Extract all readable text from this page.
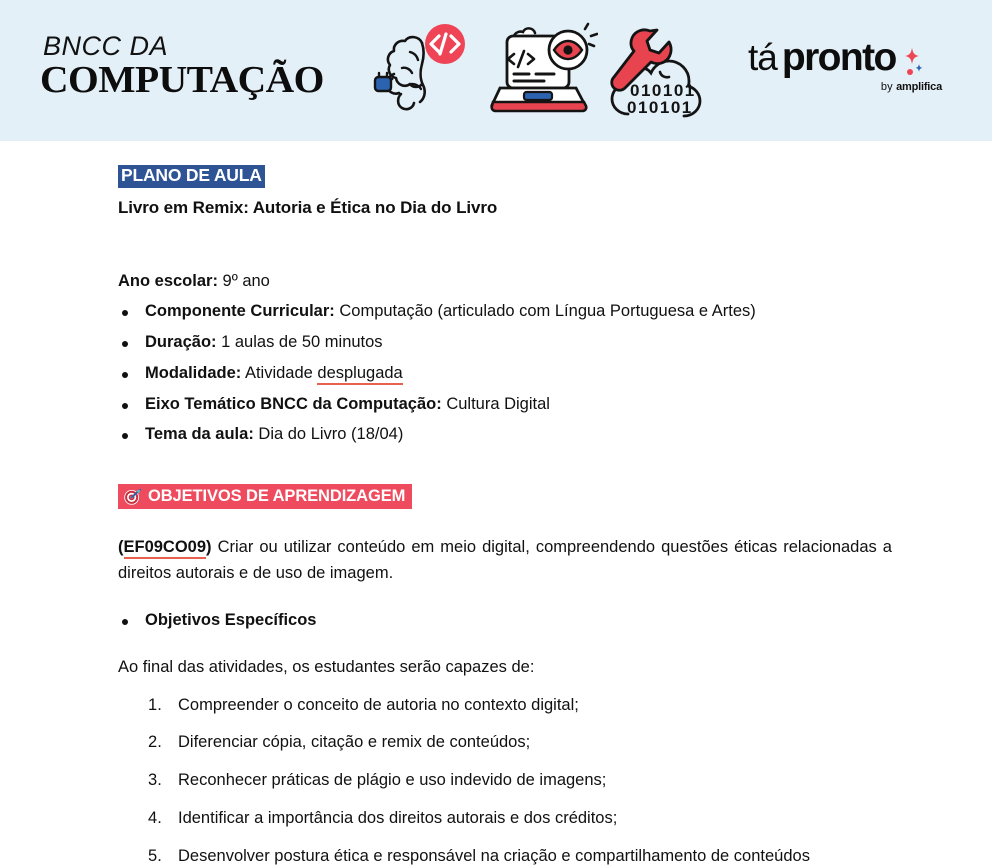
BNCC DA
COMPUTAÇÃO	010101
010101
tá pronto
by amplifica
PLANO DE AULA
Livro em Remix: Autoria e Ética no Dia do Livro
Ano escolar: 9º ano
Componente Curricular: Computação (articulado com Língua Portuguesa e Artes)
Duração: 1 aulas de 50 minutos
Modalidade: Atividade desplugada
Eixo Temático BNCC da Computação: Cultura Digital
Tema da aula: Dia do Livro (18/04)
OBJETIVOS DE APRENDIZAGEM

(EF09CO09) Criar ou utilizar conteúdo em meio digital, compreendendo questões éticas relacionadas a direitos autorais e de uso de imagem.

Objetivos Específicos
Ao final das atividades, os estudantes serão capazes de:
Compreender o conceito de autoria no contexto digital;
Diferenciar cópia, citação e remix de conteúdos;
Reconhecer práticas de plágio e uso indevido de imagens;
Identificar a importância dos direitos autorais e dos créditos;
Desenvolver postura ética e responsável na criação e compartilhamento de conteúdos
